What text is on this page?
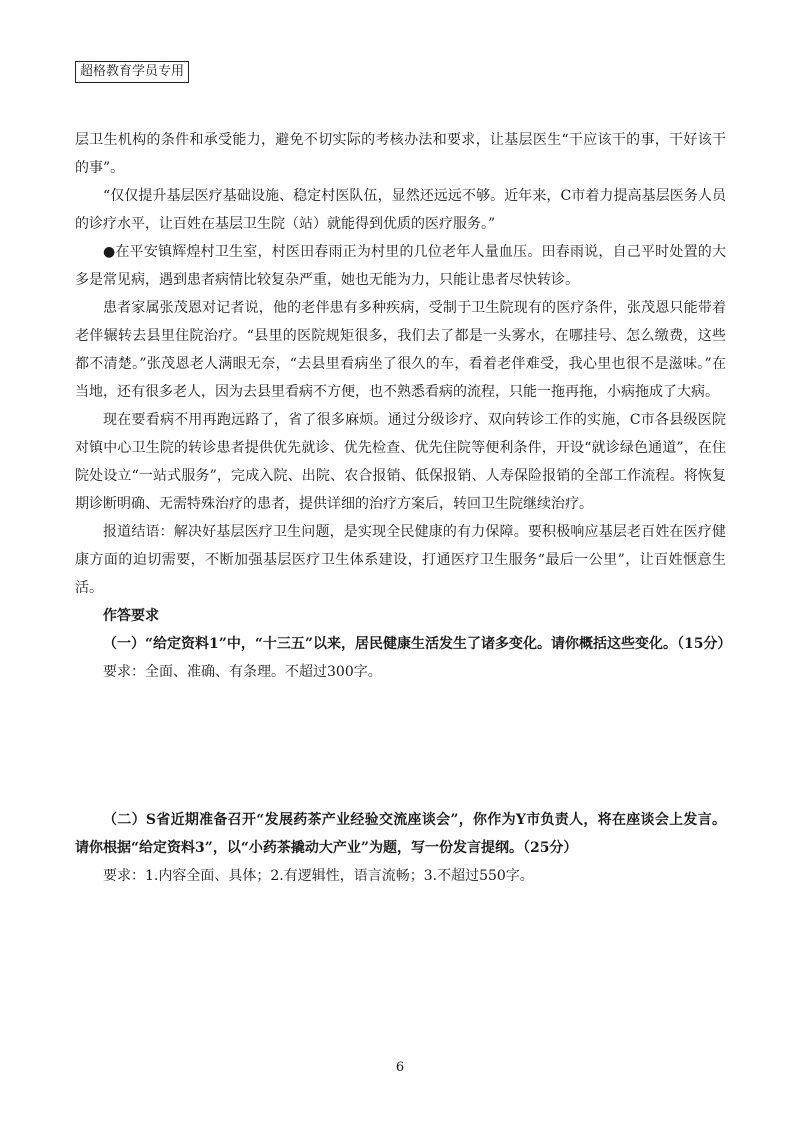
超格教育学员专用

层卫生机构的条件和承受能力，避免不切实际的考核办法和要求，让基层医生“干应该干的事，干好该干的事”。

“仅仅提升基层医疗基础设施、稳定村医队伍，显然还远远不够。近年来，C市着力提高基层医务人员的诊疗水平，让百姓在基层卫生院（站）就能得到优质的医疗服务。”

●在平安镇辉煌村卫生室，村医田春雨正为村里的几位老年人量血压。田春雨说，自己平时处置的大多是常见病，遇到患者病情比较复杂严重，她也无能为力，只能让患者尽快转诊。

患者家属张茂恩对记者说，他的老伴患有多种疾病，受制于卫生院现有的医疗条件，张茂恩只能带着老伴辗转去县里住院治疗。“县里的医院规矩很多，我们去了都是一头雾水，在哪挂号、怎么缴费，这些都不清楚。”张茂恩老人满眼无奈，“去县里看病坐了很久的车，看着老伴难受，我心里也很不是滋味。”在当地，还有很多老人，因为去县里看病不方便，也不熟悉看病的流程，只能一拖再拖，小病拖成了大病。

现在要看病不用再跑远路了，省了很多麻烦。通过分级诊疗、双向转诊工作的实施，C市各县级医院对镇中心卫生院的转诊患者提供优先就诊、优先检查、优先住院等便利条件，开设“就诊绿色通道”，在住院处设立“一站式服务”，完成入院、出院、农合报销、低保报销、人寿保险报销的全部工作流程。将恢复期诊断明确、无需特殊治疗的患者，提供详细的治疗方案后，转回卫生院继续治疗。

报道结语：解决好基层医疗卫生问题，是实现全民健康的有力保障。要积极响应基层老百姓在医疗健康方面的迫切需要，不断加强基层医疗卫生体系建设，打通医疗卫生服务“最后一公里”，让百姓惬意生活。

作答要求

（一）“给定资料1”中，“十三五”以来，居民健康生活发生了诸多变化。请你概括这些变化。（15分）

要求：全面、准确、有条理。不超过300字。

（二）S省近期准备召开“发展药茶产业经验交流座谈会”，你作为Y市负责人，将在座谈会上发言。请你根据“给定资料3”，以“小药茶撬动大产业”为题，写一份发言提纲。（25分）

要求：1.内容全面、具体；2.有逻辑性，语言流畅；3.不超过550字。

6
